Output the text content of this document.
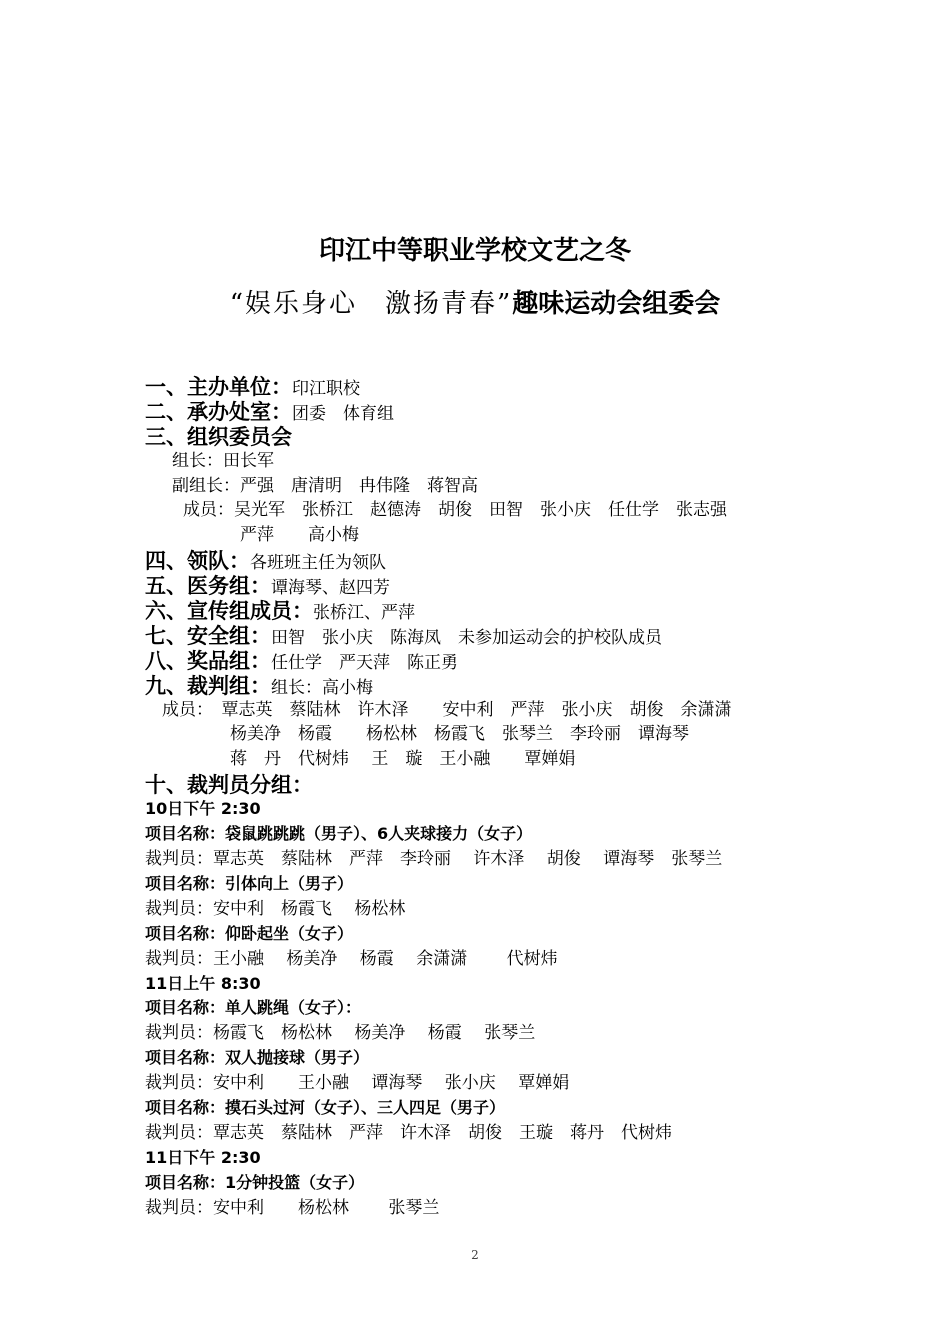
印江中等职业学校文艺之冬
“娱乐身心　激扬青春”趣味运动会组委会
一、主办单位：印江职校
二、承办处室：团委　体育组
三、组织委员会
组长：田长军
副组长：严强　唐清明　冉伟隆　蒋智高
成员：吴光军　张桥江　赵德涛　胡俊　田智　张小庆　任仕学　张志强
严萍　　高小梅
四、领队：各班班主任为领队
五、医务组：谭海琴、赵四芳
六、宣传组成员：张桥江、严萍
七、安全组：田智　张小庆　陈海凤　未参加运动会的护校队成员
八、奖品组：任仕学　严天萍　陈正勇
九、裁判组：组长：高小梅
成员：　覃志英　蔡陆林　许木泽　　安中利　严萍　张小庆　胡俊　余潇潇
杨美净　杨霞　　杨松林　杨霞飞　张琴兰　李玲丽　谭海琴
蒋　丹　代树炜　 王　璇　王小融　　覃婵娟
十、裁判员分组：
10日下午 2:30
项目名称：袋鼠跳跳跳（男子）、6人夹球接力（女子）
裁判员：覃志英　蔡陆林　严萍　李玲丽　 许木泽　 胡俊　 谭海琴　张琴兰
项目名称：引体向上（男子）
裁判员：安中利　杨霞飞　 杨松林
项目名称：仰卧起坐（女子）
裁判员：王小融　 杨美净　 杨霞　 余潇潇　　 代树炜
11日上午 8:30
项目名称：单人跳绳（女子）：
裁判员：杨霞飞　杨松林　 杨美净　 杨霞　 张琴兰
项目名称：双人抛接球（男子）
裁判员：安中利　　王小融　 谭海琴　 张小庆　 覃婵娟
项目名称：摸石头过河（女子）、三人四足（男子）
裁判员：覃志英　蔡陆林　严萍　许木泽　胡俊　王璇　蒋丹　代树炜
11日下午 2:30
项目名称：1分钟投篮（女子）
裁判员：安中利　　杨松林　　 张琴兰
2
